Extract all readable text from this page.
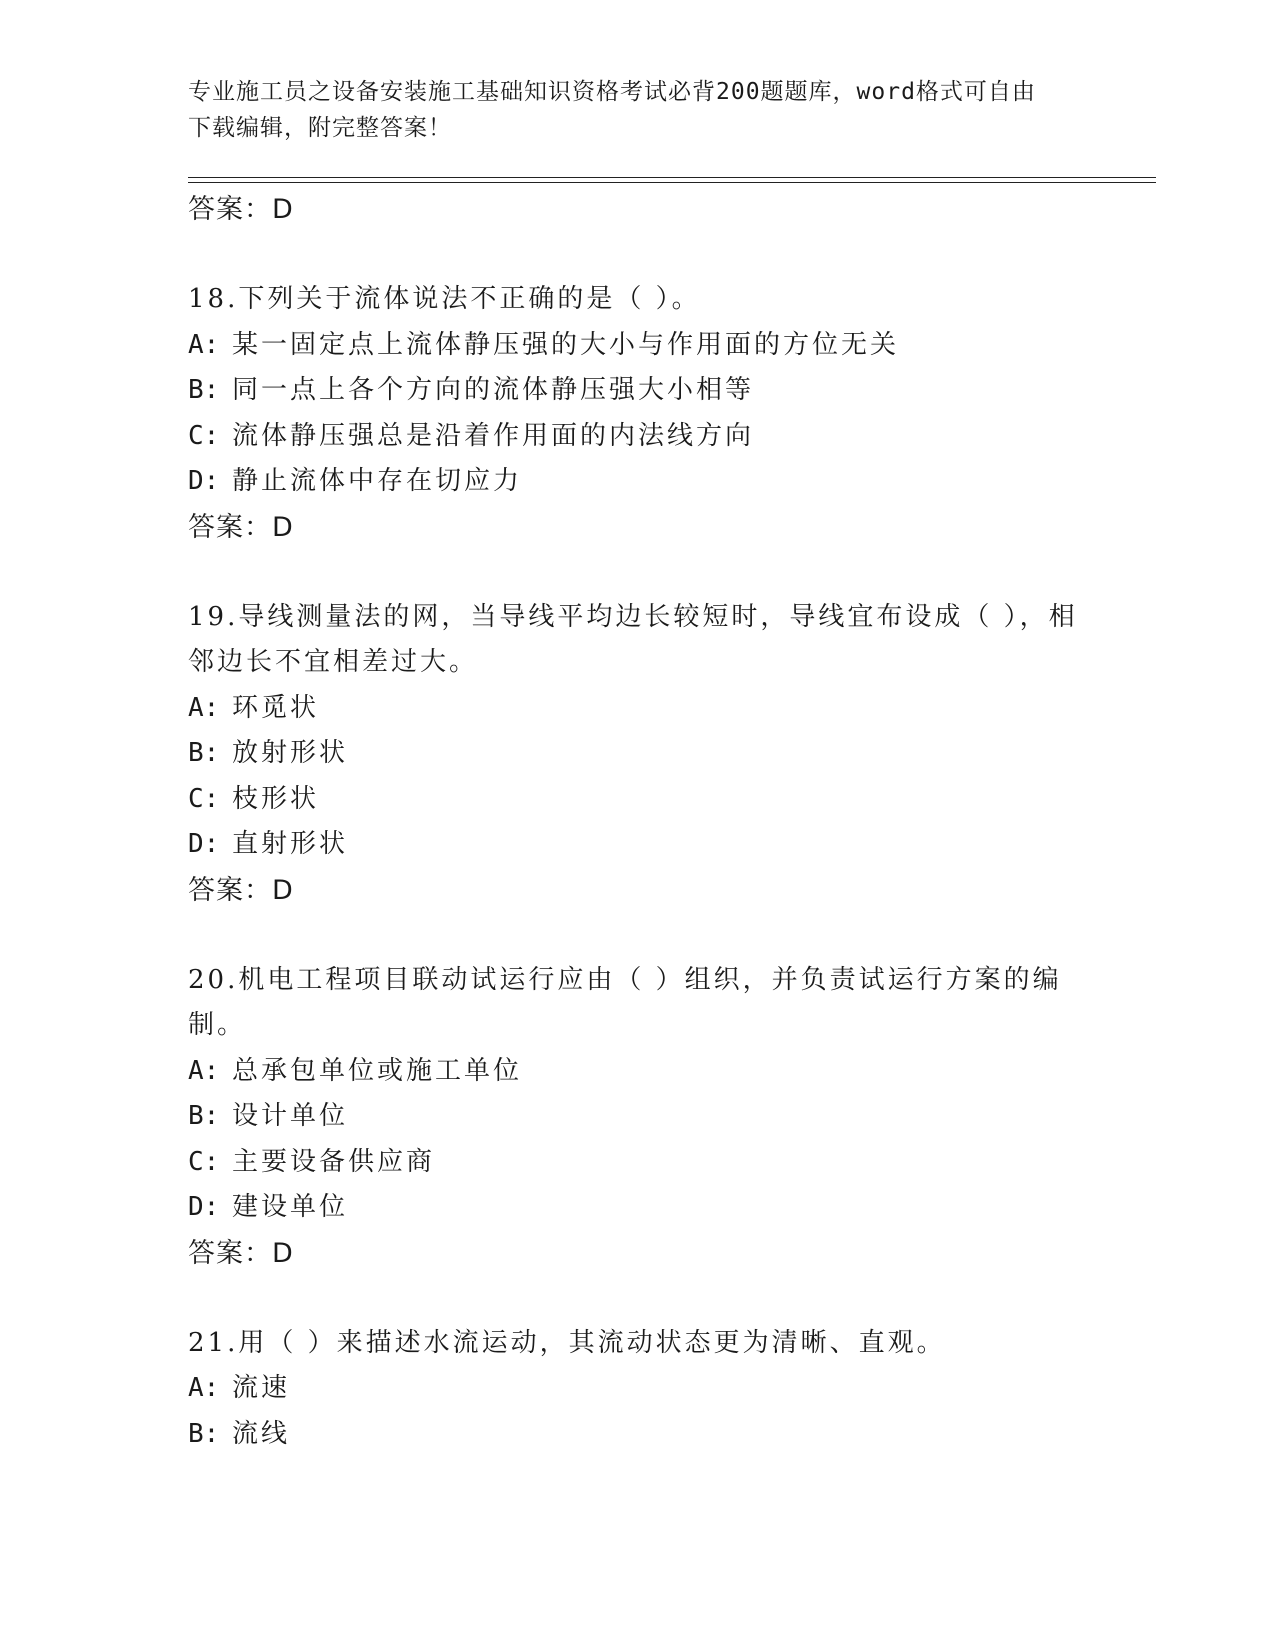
专业施工员之设备安装施工基础知识资格考试必背200题题库，word格式可自由
下载编辑，附完整答案！
答案：D
18.下列关于流体说法不正确的是（ ）。
A: 某一固定点上流体静压强的大小与作用面的方位无关
B: 同一点上各个方向的流体静压强大小相等
C: 流体静压强总是沿着作用面的内法线方向
D: 静止流体中存在切应力
答案：D
19.导线测量法的网，当导线平均边长较短时，导线宜布设成（ ），相邻边长不宜相差过大。
A: 环觅状
B: 放射形状
C: 枝形状
D: 直射形状
答案：D
20.机电工程项目联动试运行应由（ ）组织，并负责试运行方案的编制。
A: 总承包单位或施工单位
B: 设计单位
C: 主要设备供应商
D: 建设单位
答案：D
21.用（ ）来描述水流运动，其流动状态更为清晰、直观。
A: 流速
B: 流线
